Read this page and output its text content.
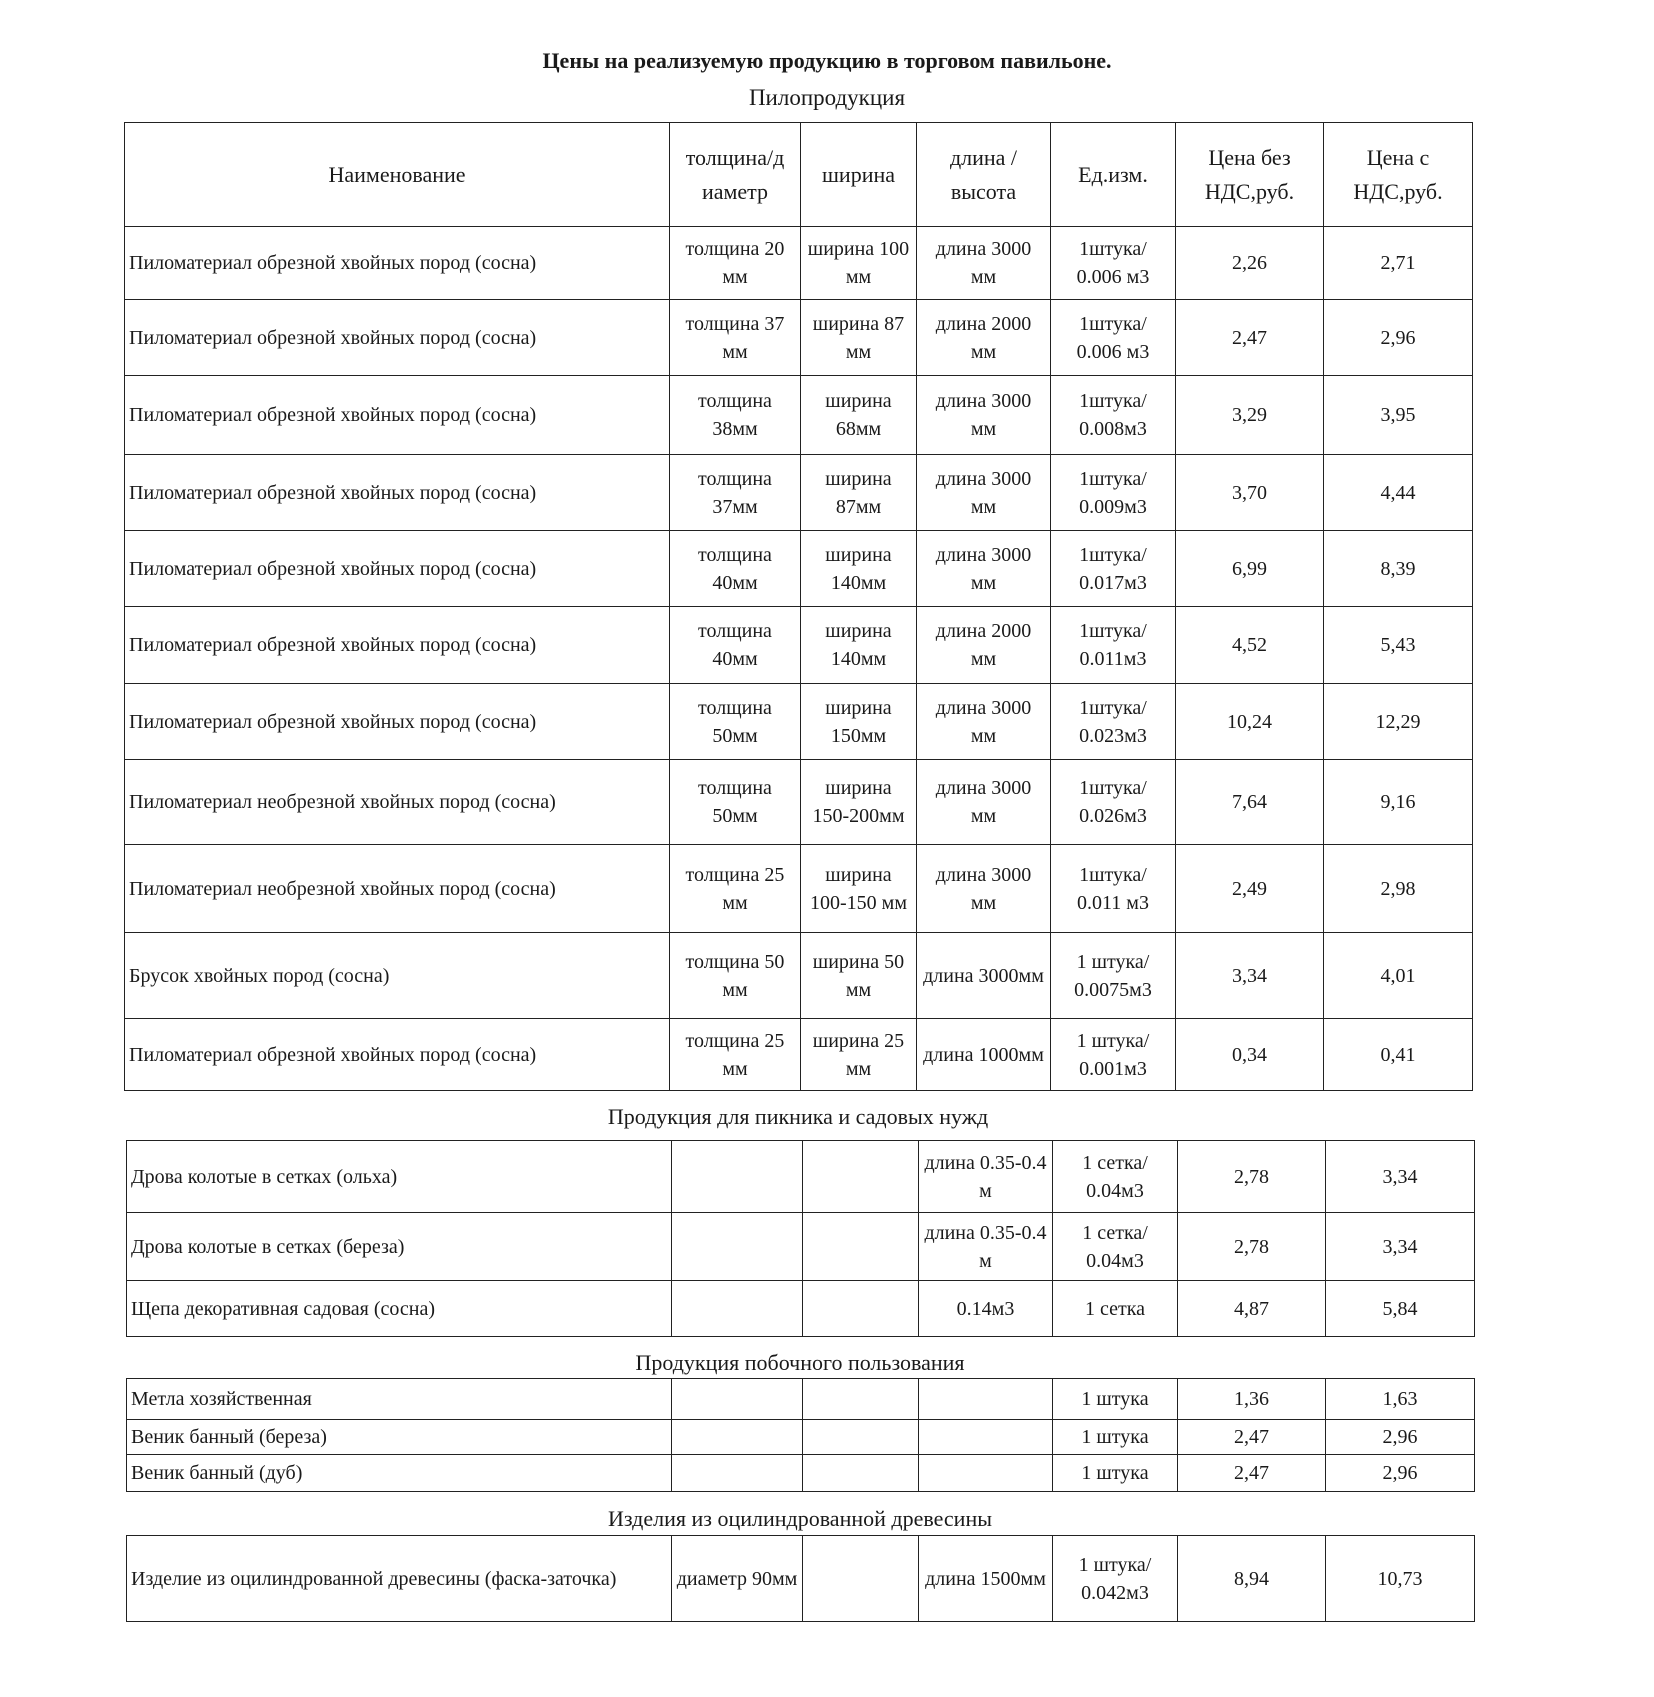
Цены на реализуемую продукцию в торговом павильоне.
Пилопродукция
Наименование	толщина/д иаметр	ширина	длина /высота	Ед.изм.	Цена без НДС,руб.	Цена с НДС,руб.
Пиломатериал обрезной хвойных пород (сосна)	толщина 20 мм	ширина 100 мм	длина 3000 мм	1штука/ 0.006 м3	2,26	2,71
Пиломатериал обрезной хвойных пород (сосна)	толщина 37 мм	ширина 87 мм	длина 2000 мм	1штука/ 0.006 м3	2,47	2,96
Пиломатериал обрезной хвойных пород (сосна)	толщина 38мм	ширина 68мм	длина 3000 мм	1штука/ 0.008м3	3,29	3,95
Пиломатериал обрезной хвойных пород (сосна)	толщина 37мм	ширина 87мм	длина 3000 мм	1штука/ 0.009м3	3,70	4,44
Пиломатериал обрезной хвойных пород (сосна)	толщина 40мм	ширина 140мм	длина 3000 мм	1штука/ 0.017м3	6,99	8,39
Пиломатериал обрезной хвойных пород (сосна)	толщина 40мм	ширина 140мм	длина 2000 мм	1штука/ 0.011м3	4,52	5,43
Пиломатериал обрезной хвойных пород (сосна)	толщина 50мм	ширина 150мм	длина 3000 мм	1штука/ 0.023м3	10,24	12,29
Пиломатериал необрезной хвойных пород (сосна)	толщина 50мм	ширина 150-200мм	длина 3000 мм	1штука/ 0.026м3	7,64	9,16
Пиломатериал необрезной хвойных пород (сосна)	толщина 25 мм	ширина 100-150 мм	длина 3000 мм	1штука/ 0.011 м3	2,49	2,98
Брусок хвойных пород (сосна)	толщина 50 мм	ширина 50 мм	длина 3000мм	1 штука/ 0.0075м3	3,34	4,01
Пиломатериал обрезной хвойных пород (сосна)	толщина 25 мм	ширина 25 мм	длина 1000мм	1 штука/ 0.001м3	0,34	0,41
Продукция для пикника и садовых нужд
Дрова колотые в сетках (ольха)			длина 0.35-0.4 м	1 сетка/ 0.04м3	2,78	3,34
Дрова колотые в сетках (береза)			длина 0.35-0.4 м	1 сетка/ 0.04м3	2,78	3,34
Щепа декоративная садовая (сосна)			0.14м3	1 сетка	4,87	5,84
Продукция побочного пользования
Метла хозяйственная				1 штука	1,36	1,63
Веник банный (береза)				1 штука	2,47	2,96
Веник банный (дуб)				1 штука	2,47	2,96
Изделия из оцилиндрованной древесины
Изделие из оцилиндрованной древесины (фаска-заточка)	диаметр 90мм		длина 1500мм	1 штука/ 0.042м3	8,94	10,73
